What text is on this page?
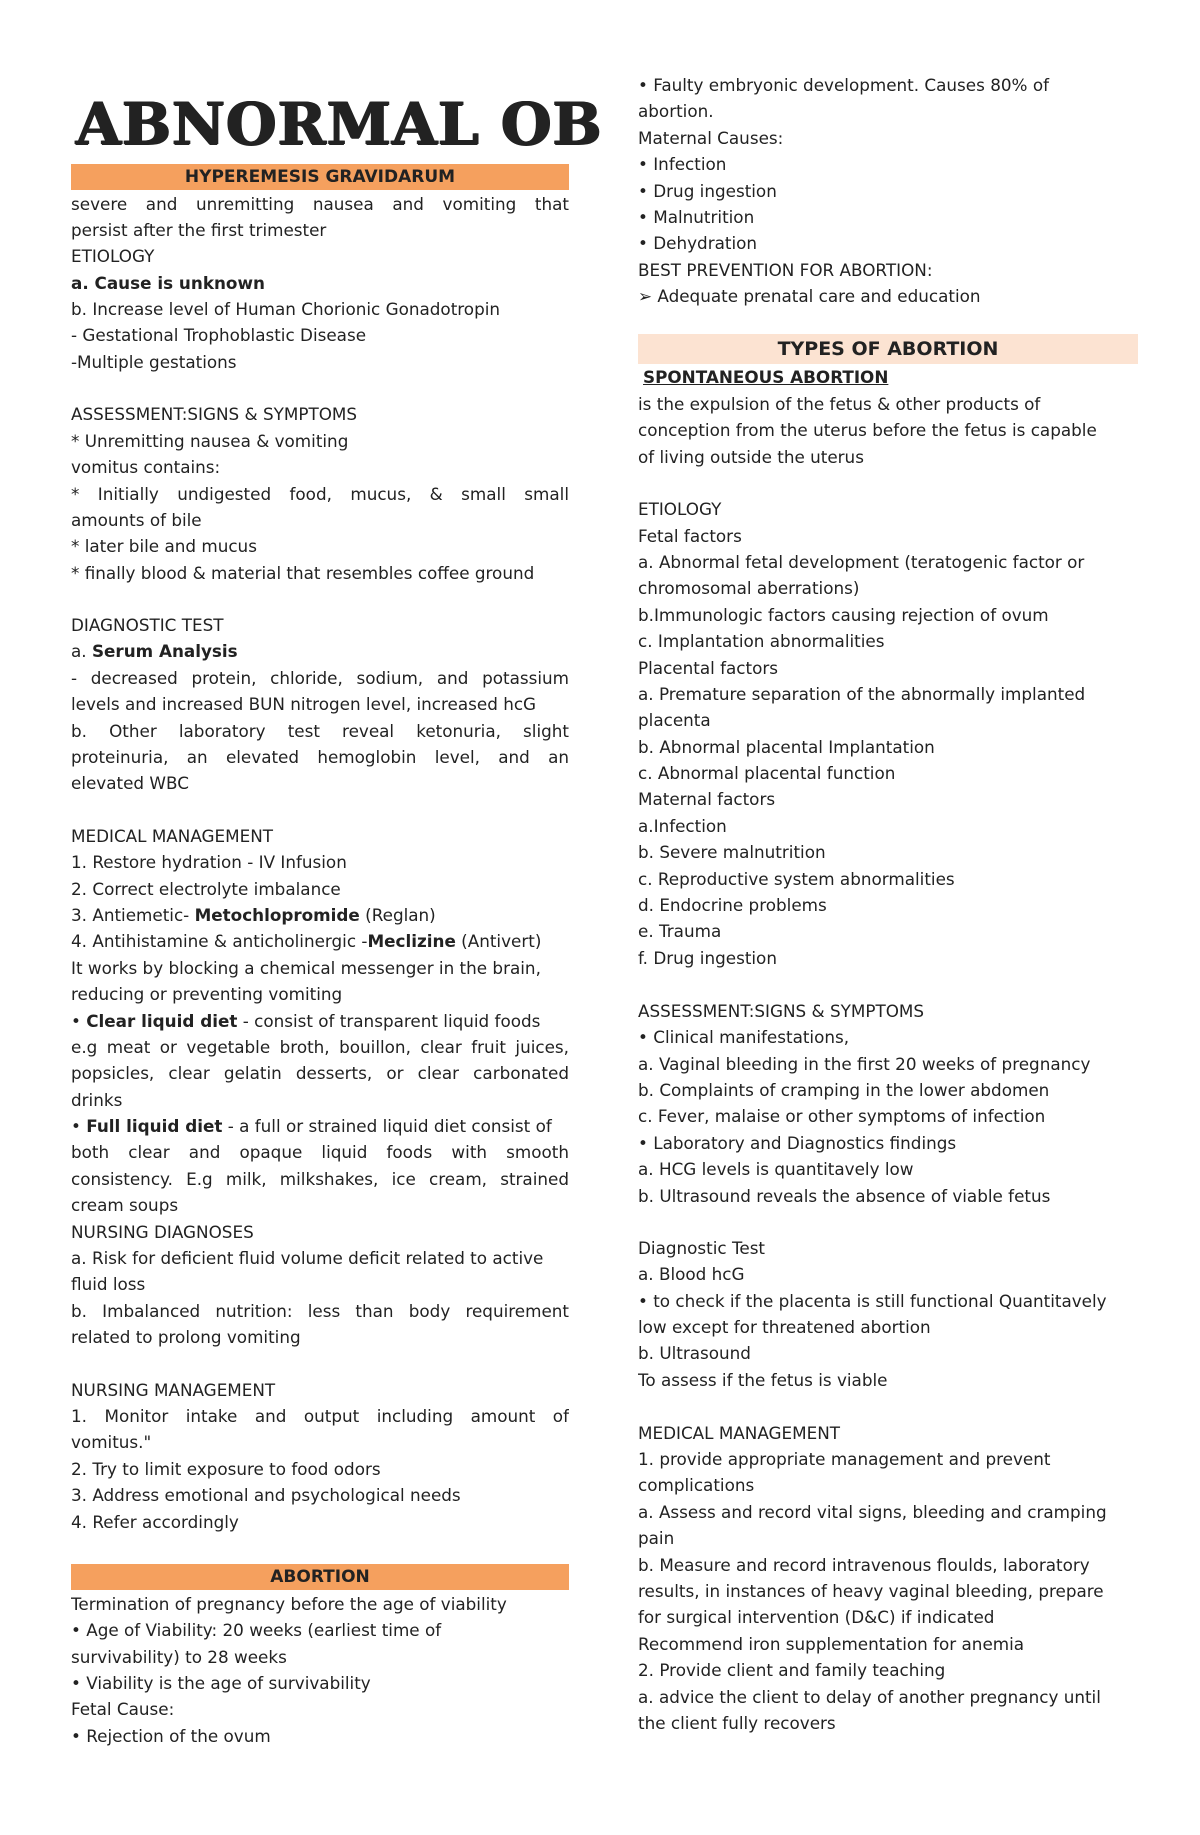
ABNORMAL OB
HYPEREMESIS GRAVIDARUM
severe and unremitting nausea and vomiting that
persist after the first trimester
ETIOLOGY
a. Cause is unknown
b. Increase level of Human Chorionic Gonadotropin
- Gestational Trophoblastic Disease
-Multiple gestations
ASSESSMENT:SIGNS & SYMPTOMS
* Unremitting nausea & vomiting
vomitus contains:
* Initially undigested food, mucus, & small small
amounts of bile
* later bile and mucus
* finally blood & material that resembles coffee ground
DIAGNOSTIC TEST
a. Serum Analysis
- decreased protein, chloride, sodium, and potassium
levels and increased BUN nitrogen level, increased hcG
b. Other laboratory test reveal ketonuria, slight
proteinuria, an elevated hemoglobin level, and an
elevated WBC
MEDICAL MANAGEMENT
1. Restore hydration - IV Infusion
2. Correct electrolyte imbalance
3. Antiemetic- Metochlopromide (Reglan)
4. Antihistamine & anticholinergic -Meclizine (Antivert)
It works by blocking a chemical messenger in the brain,
reducing or preventing vomiting
• Clear liquid diet - consist of transparent liquid foods
e.g meat or vegetable broth, bouillon, clear fruit juices,
popsicles, clear gelatin desserts, or clear carbonated
drinks
• Full liquid diet - a full or strained liquid diet consist of
both clear and opaque liquid foods with smooth
consistency. E.g milk, milkshakes, ice cream, strained
cream soups
NURSING DIAGNOSES
a. Risk for deficient fluid volume deficit related to active
fluid loss
b. Imbalanced nutrition: less than body requirement
related to prolong vomiting
NURSING MANAGEMENT
1. Monitor intake and output including amount of
vomitus."
2. Try to limit exposure to food odors
3. Address emotional and psychological needs
4. Refer accordingly
ABORTION
Termination of pregnancy before the age of viability
• Age of Viability: 20 weeks (earliest time of
survivability) to 28 weeks
• Viability is the age of survivability
Fetal Cause:
• Rejection of the ovum
• Faulty embryonic development. Causes 80% of
abortion.
Maternal Causes:
• Infection
• Drug ingestion
• Malnutrition
• Dehydration
BEST PREVENTION FOR ABORTION:
➢ Adequate prenatal care and education
TYPES OF ABORTION
SPONTANEOUS ABORTION
is the expulsion of the fetus & other products of
conception from the uterus before the fetus is capable
of living outside the uterus
ETIOLOGY
Fetal factors
a. Abnormal fetal development (teratogenic factor or
chromosomal aberrations)
b.Immunologic factors causing rejection of ovum
c. Implantation abnormalities
Placental factors
a. Premature separation of the abnormally implanted
placenta
b. Abnormal placental Implantation
c. Abnormal placental function
Maternal factors
a.Infection
b. Severe malnutrition
c. Reproductive system abnormalities
d. Endocrine problems
e. Trauma
f. Drug ingestion
ASSESSMENT:SIGNS & SYMPTOMS
• Clinical manifestations,
a. Vaginal bleeding in the first 20 weeks of pregnancy
b. Complaints of cramping in the lower abdomen
c. Fever, malaise or other symptoms of infection
• Laboratory and Diagnostics findings
a. HCG levels is quantitavely low
b. Ultrasound reveals the absence of viable fetus
Diagnostic Test
a. Blood hcG
• to check if the placenta is still functional Quantitavely
low except for threatened abortion
b. Ultrasound
To assess if the fetus is viable
MEDICAL MANAGEMENT
1. provide appropriate management and prevent
complications
a. Assess and record vital signs, bleeding and cramping
pain
b. Measure and record intravenous floulds, laboratory
results, in instances of heavy vaginal bleeding, prepare
for surgical intervention (D&C) if indicated
Recommend iron supplementation for anemia
2. Provide client and family teaching
a. advice the client to delay of another pregnancy until
the client fully recovers
